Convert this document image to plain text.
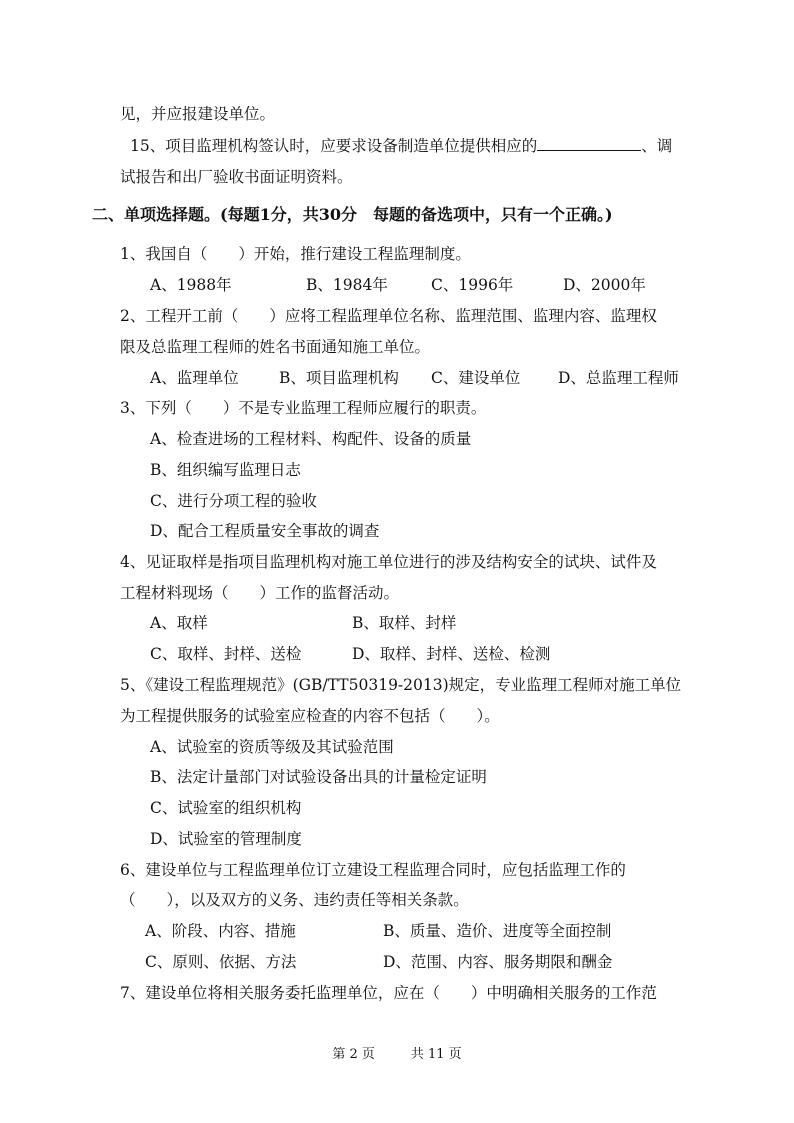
见，并应报建设单位。
15、项目监理机构签认时，应要求设备制造单位提供相应的	、调
试报告和出厂验收书面证明资料。
二、单项选择题。(每题1分，共30分　每题的备选项中，只有一个正确。)
1、我国自（　　）开始，推行建设工程监理制度。
A、1988年	B、1984年	C、1996年	D、2000年
2、工程开工前（　　）应将工程监理单位名称、监理范围、监理内容、监理权
限及总监理工程师的姓名书面通知施工单位。
A、监理单位	B、项目监理机构 C、建设单位 D、总监理工程师
3、下列（　　）不是专业监理工程师应履行的职责。
A、检查进场的工程材料、构配件、设备的质量
B、组织编写监理日志
C、进行分项工程的验收
D、配合工程质量安全事故的调查
4、见证取样是指项目监理机构对施工单位进行的涉及结构安全的试块、试件及
工程材料现场（　　）工作的监督活动。
A、取样	B、取样、封样
C、取样、封样、送检	D、取样、封样、送检、检测
5、《建设工程监理规范》(GB/TT50319-2013)规定，专业监理工程师对施工单位
为工程提供服务的试验室应检查的内容不包括（　　）。
A、试验室的资质等级及其试验范围
B、法定计量部门对试验设备出具的计量检定证明
C、试验室的组织机构
D、试验室的管理制度
6、建设单位与工程监理单位订立建设工程监理合同时，应包括监理工作的
（　　），以及双方的义务、违约责任等相关条款。
A、阶段、内容、措施	B、质量、造价、进度等全面控制
C、原则、依据、方法	D、范围、内容、服务期限和酬金
7、建设单位将相关服务委托监理单位，应在（　　）中明确相关服务的工作范
第 2 页	共 11 页
